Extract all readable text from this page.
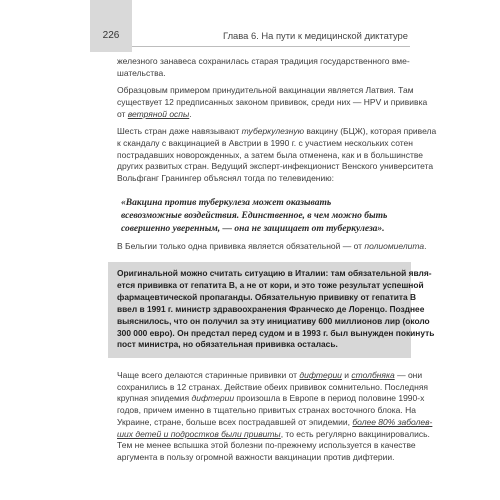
226	Глава 6. На пути к медицинской диктатуре

железного занавеса сохранилась старая традиция государственного вме-
шательства.

Образцовым примером принудительной вакцинации является Латвия. Там
существует 12 предписанных законом прививок, среди них — HPV и прививка
от ветряной оспы.

Шесть стран даже навязывают туберкулезную вакцину (БЦЖ), которая привела
к скандалу с вакцинацией в Австрии в 1990 г. с участием нескольких сотен
пострадавших новорожденных, а затем была отменена, как и в большинстве
других развитых стран. Ведущий эксперт-инфекционист Венского университета
Вольфганг Гранингер объяснял тогда по телевидению:

«Вакцина против туберкулеза может оказывать
всевозможные воздействия. Единственное, в чем можно быть
совершенно уверенным, — она не защищает от туберкулеза».

В Бельгии только одна прививка является обязательной — от полиомиелита.

Оригинальной можно считать ситуацию в Италии: там обязательной явля-
ется прививка от гепатита B, а не от кори, и это тоже результат успешной
фармацевтической пропаганды. Обязательную прививку от гепатита B
ввел в 1991 г. министр здравоохранения Франческо де Лоренцо. Позднее
выяснилось, что он получил за эту инициативу 600 миллионов лир (около
300 000 евро). Он предстал перед судом и в 1993 г. был вынужден покинуть
пост министра, но обязательная прививка осталась.
Чаще всего делаются старинные прививки от дифтерии и столбняка — они
сохранились в 12 странах. Действие обеих прививок сомнительно. Последняя
крупная эпидемия дифтерии произошла в Европе в период половине 1990-х
годов, причем именно в тщательно привитых странах восточного блока. На
Украине, стране, больше всех пострадавшей от эпидемии, более 80% заболев-
ших детей и подростков были привиты, то есть регулярно вакцинировались.
Тем не менее вспышка этой болезни по-прежнему используется в качестве
аргумента в пользу огромной важности вакцинации против дифтерии.
